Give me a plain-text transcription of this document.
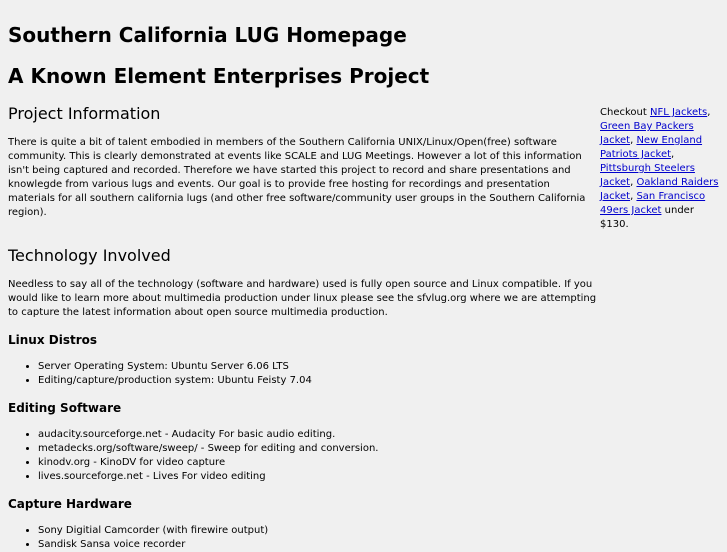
Southern California LUG Homepage
A Known Element Enterprises Project
Project Information

There is quite a bit of talent embodied in members of the Southern California UNIX/Linux/Open(free) software community. This is clearly demonstrated at events like SCALE and LUG Meetings. However a lot of this information isn't being captured and recorded. Therefore we have started this project to record and share presentations and knowlegde from various lugs and events. Our goal is to provide free hosting for recordings and presentation materials for all southern california lugs (and other free software/community user groups in the Southern California region).

Technology Involved

Needless to say all of the technology (software and hardware) used is fully open source and Linux compatible. If you would like to learn more about multimedia production under linux please see the sfvlug.org where we are attempting to capture the latest information about open source multimedia production.

Linux Distros
• Server Operating System: Ubuntu Server 6.06 LTS
• Editing/capture/production system: Ubuntu Feisty 7.04
Editing Software
• audacity.sourceforge.net - Audacity For basic audio editing.
• metadecks.org/software/sweep/ - Sweep for editing and conversion.
• kinodv.org - KinoDV for video capture
• lives.sourceforge.net - Lives For video editing
Capture Hardware
• Sony Digitial Camcorder (with firewire output)
• Sandisk Sansa voice recorder
Checkout NFL Jackets, Green Bay Packers Jacket, New England Patriots Jacket, Pittsburgh Steelers Jacket, Oakland Raiders Jacket, San Francisco 49ers Jacket under $130.
